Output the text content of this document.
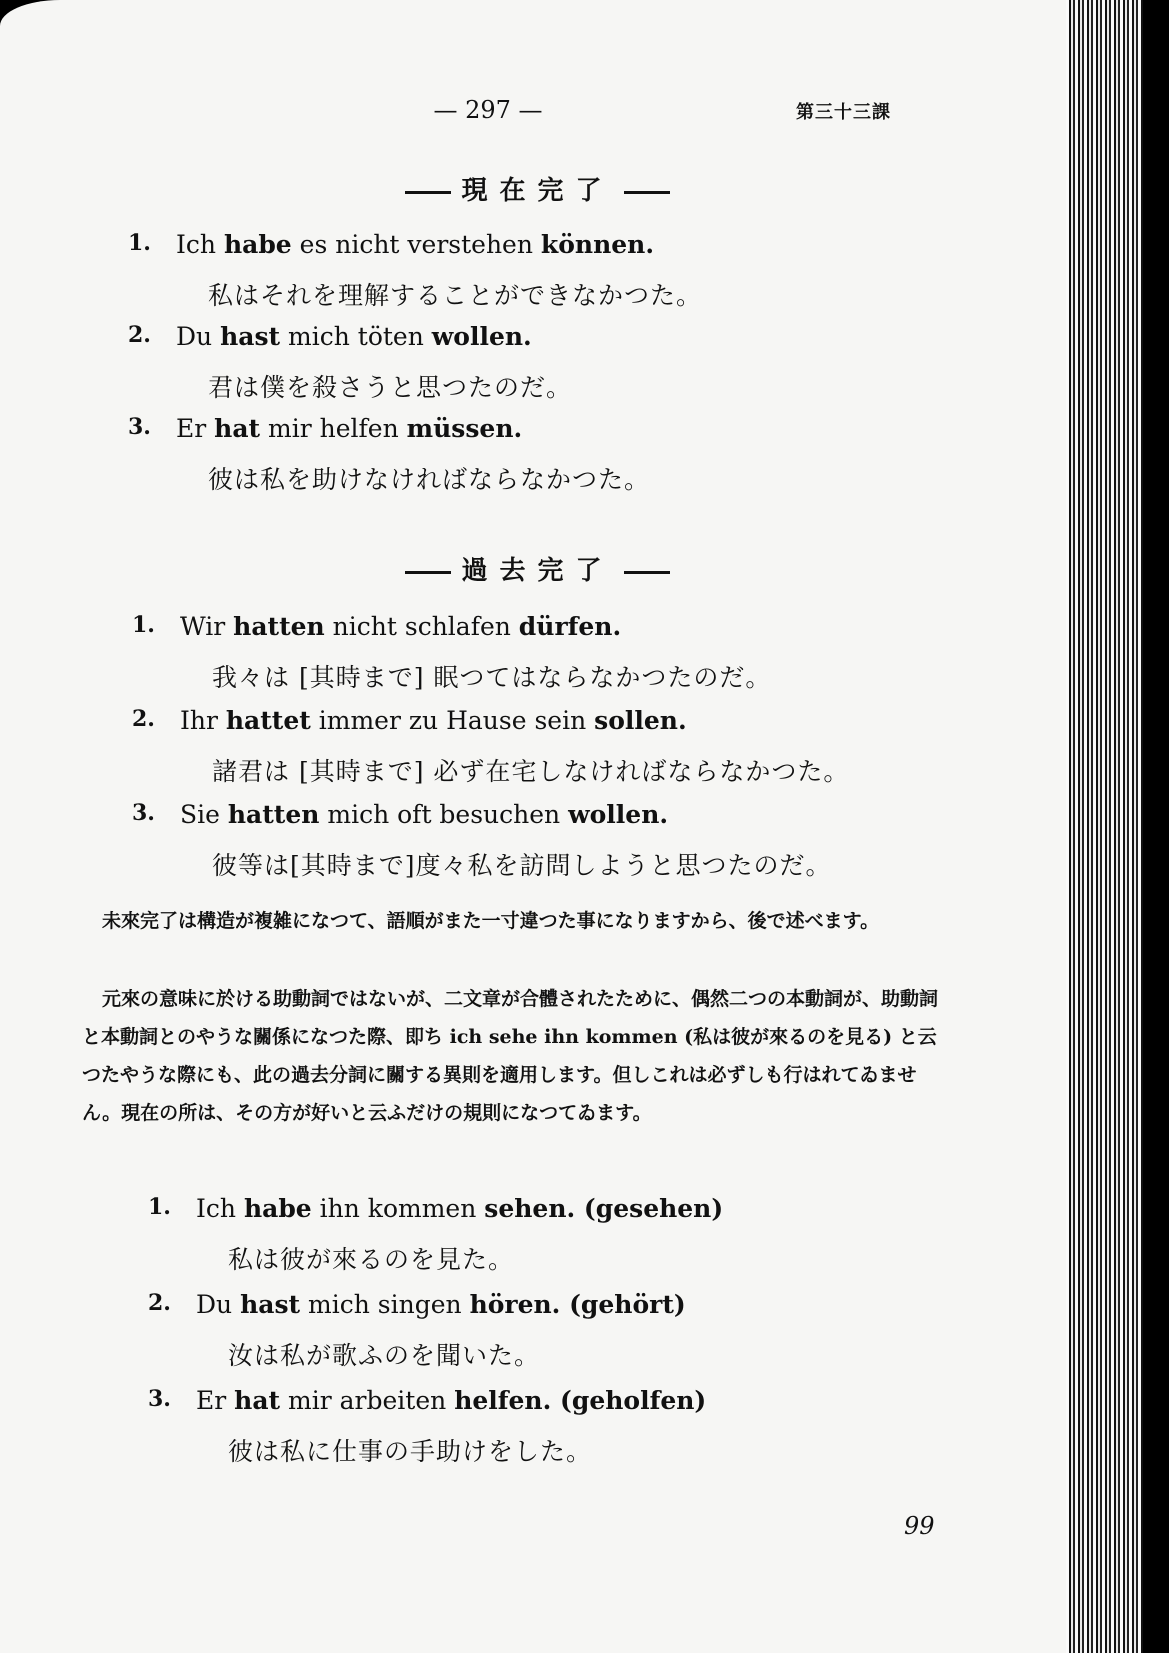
— 297 —	第三十三課
現在完了
1. Ich habe es nicht verstehen können.
私はそれを理解することができなかつた。
2. Du hast mich töten wollen.
君は僕を殺さうと思つたのだ。
3. Er hat mir helfen müssen.
彼は私を助けなければならなかつた。
過去完了
1. Wir hatten nicht schlafen dürfen.
我々は [其時まで] 眠つてはならなかつたのだ。
2. Ihr hattet immer zu Hause sein sollen.
諸君は [其時まで] 必ず在宅しなければならなかつた。
3. Sie hatten mich oft besuchen wollen.
彼等は[其時まで]度々私を訪問しようと思つたのだ。
未來完了は構造が複雑になつて、語順がまた一寸違つた事になりますから、後で述べます。
元來の意味に於ける助動詞ではないが、二文章が合體されたために、偶然二つの本動詞が、助動詞と本動詞とのやうな關係になつた際、即ち ich sehe ihn kommen (私は彼が來るのを見る) と云つたやうな際にも、此の過去分詞に關する異則を適用します。但しこれは必ずしも行はれてゐません。現在の所は、その方が好いと云ふだけの規則になつてゐます。
1. Ich habe ihn kommen sehen. (gesehen)
私は彼が來るのを見た。
2. Du hast mich singen hören. (gehört)
汝は私が歌ふのを聞いた。
3. Er hat mir arbeiten helfen. (geholfen)
彼は私に仕事の手助けをした。
99
